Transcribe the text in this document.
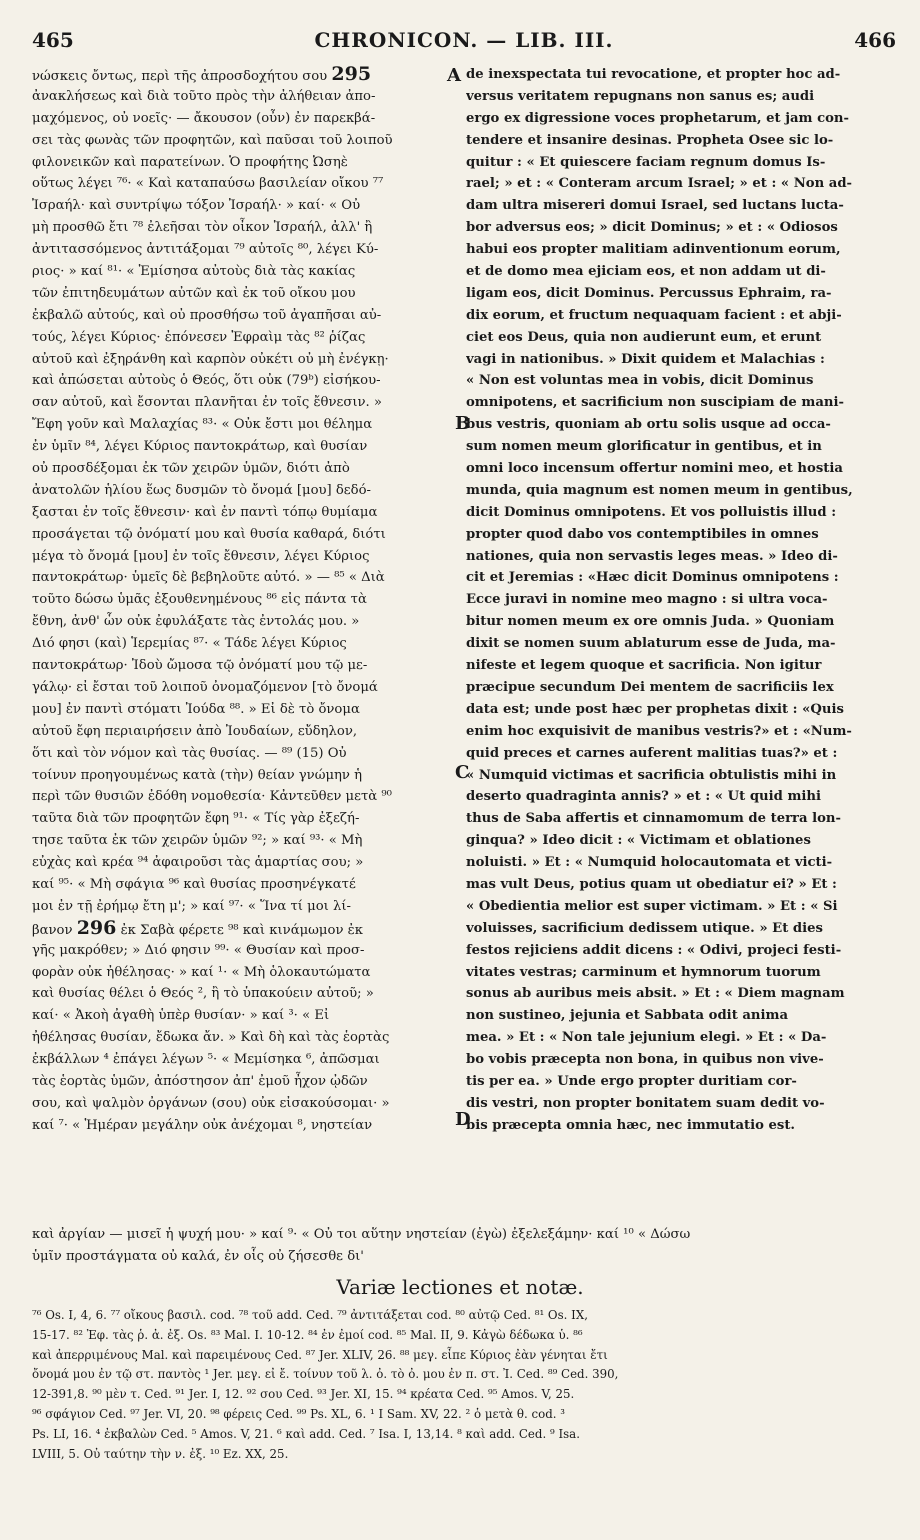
465	CHRONICON. — LIB. III.	466
νώσκεις ὄντως, περὶ τῆς ἀπροσδοχήτου σου 295
ἀνακλήσεως καὶ διὰ τοῦτο πρὸς τὴν ἀλήθειαν ἀπο-
μαχόμενος, οὐ νοεῖς· — ἄκουσον (οὖν) ἐν παρεκβά-
σει τὰς φωνὰς τῶν προφητῶν, καὶ παῦσαι τοῦ λοιποῦ
φιλονεικῶν καὶ παρατείνων. Ὁ προφήτης Ὠσηὲ
οὕτως λέγει ⁷⁶· « Καὶ καταπαύσω βασιλείαν οἴκου ⁷⁷
Ἰσραήλ· καὶ συντρίψω τόξον Ἰσραήλ· » καί· « Οὐ
μὴ προσθῶ ἔτι ⁷⁸ ἐλεῆσαι τὸν οἶκον Ἰσραήλ, ἀλλ' ἢ
ἀντιτασσόμενος ἀντιτάξομαι ⁷⁹ αὐτοῖς ⁸⁰, λέγει Κύ-
ριος· » καί ⁸¹· « Ἐμίσησα αὐτοὺς διὰ τὰς κακίας
τῶν ἐπιτηδευμάτων αὐτῶν καὶ ἐκ τοῦ οἴκου μου
ἐκβαλῶ αὐτούς, καὶ οὐ προσθήσω τοῦ ἀγαπῆσαι αὐ-
τούς, λέγει Κύριος· ἐπόνεσεν Ἐφραὶμ τὰς ⁸² ῥίζας
αὐτοῦ καὶ ἐξηράνθη καὶ καρπὸν οὐκέτι οὐ μὴ ἐνέγκῃ·
καὶ ἀπώσεται αὐτοὺς ὁ Θεός, ὅτι οὐκ (79ᵇ) εἰσήκου-
σαν αὐτοῦ, καὶ ἔσονται πλανῆται ἐν τοῖς ἔθνεσιν. »
Ἔφη γοῦν καὶ Μαλαχίας ⁸³· « Οὐκ ἔστι μοι θέλημα
ἐν ὑμῖν ⁸⁴, λέγει Κύριος παντοκράτωρ, καὶ θυσίαν
οὐ προσδέξομαι ἐκ τῶν χειρῶν ὑμῶν, διότι ἀπὸ
ἀνατολῶν ἡλίου ἕως δυσμῶν τὸ ὄνομά [μου] δεδό-
ξασται ἐν τοῖς ἔθνεσιν· καὶ ἐν παντὶ τόπῳ θυμίαμα
προσάγεται τῷ ὀνόματί μου καὶ θυσία καθαρά, διότι
μέγα τὸ ὄνομά [μου] ἐν τοῖς ἔθνεσιν, λέγει Κύριος
παντοκράτωρ· ὑμεῖς δὲ βεβηλοῦτε αὐτό. » — ⁸⁵ « Διὰ
τοῦτο δώσω ὑμᾶς ἐξουθενημένους ⁸⁶ εἰς πάντα τὰ
ἔθνη, ἀνθ' ὧν οὐκ ἐφυλάξατε τὰς ἐντολάς μου. »
Διό φησι (καὶ) Ἱερεμίας ⁸⁷· « Τάδε λέγει Κύριος
παντοκράτωρ· Ἰδοὺ ὤμοσα τῷ ὀνόματί μου τῷ με-
γάλῳ· εἰ ἔσται τοῦ λοιποῦ ὀνομαζόμενον [τὸ ὄνομά
μου] ἐν παντὶ στόματι Ἰούδα ⁸⁸. » Εἰ δὲ τὸ ὄνομα
αὐτοῦ ἔφη περιαιρήσειν ἀπὸ Ἰουδαίων, εὔδηλον,
ὅτι καὶ τὸν νόμον καὶ τὰς θυσίας. — ⁸⁹ (15) Οὐ
τοίνυν προηγουμένως κατὰ (τὴν) θείαν γνώμην ἡ
περὶ τῶν θυσιῶν ἐδόθη νομοθεσία· Κἀντεῦθεν μετὰ ⁹⁰
ταῦτα διὰ τῶν προφητῶν ἔφη ⁹¹· « Τίς γὰρ ἐξεζή-
τησε ταῦτα ἐκ τῶν χειρῶν ὑμῶν ⁹²; » καί ⁹³· « Μὴ
εὐχὰς καὶ κρέα ⁹⁴ ἀφαιροῦσι τὰς ἁμαρτίας σου; »
καί ⁹⁵· « Μὴ σφάγια ⁹⁶ καὶ θυσίας προσηνέγκατέ
μοι ἐν τῇ ἐρήμῳ ἔτη μ'; » καί ⁹⁷· « Ἵνα τί μοι λί-
βανον 296 ἐκ Σαβὰ φέρετε ⁹⁸ καὶ κινάμωμον ἐκ
γῆς μακρόθεν; » Διό φησιν ⁹⁹· « Θυσίαν καὶ προσ-
φορὰν οὐκ ἠθέλησας· » καί ¹· « Μὴ ὁλοκαυτώματα
καὶ θυσίας θέλει ὁ Θεός ², ἢ τὸ ὑπακούειν αὐτοῦ; »
καί· « Ἀκοὴ ἀγαθὴ ὑπὲρ θυσίαν· » καί ³· « Εἰ
ἠθέλησας θυσίαν, ἔδωκα ἄν. » Καὶ δὴ καὶ τὰς ἑορτὰς
ἐκβάλλων ⁴ ἐπάγει λέγων ⁵· « Μεμίσηκα ⁶, ἀπῶσμαι
τὰς ἑορτὰς ὑμῶν, ἀπόστησον ἀπ' ἐμοῦ ἦχον ᾠδῶν
σου, καὶ ψαλμὸν ὀργάνων (σου) οὐκ εἰσακούσομαι· »
καί ⁷· « Ἡμέραν μεγάλην οὐκ ἀνέχομαι ⁸, νηστείαν
de inexspectata tui revocatione, et propter hoc ad-
versus veritatem repugnans non sanus es; audi
ergo ex digressione voces prophetarum, et jam con-
tendere et insanire desinas. Propheta Osee sic lo-
quitur : « Et quiescere faciam regnum domus Is-
rael; » et : « Conteram arcum Israel; » et : « Non ad-
dam ultra misereri domui Israel, sed luctans lucta-
bor adversus eos; » dicit Dominus; » et : « Odiosos
habui eos propter malitiam adinventionum eorum,
et de domo mea ejiciam eos, et non addam ut di-
ligam eos, dicit Dominus. Percussus Ephraim, ra-
dix eorum, et fructum nequaquam facient : et abji-
ciet eos Deus, quia non audierunt eum, et erunt
vagi in nationibus. » Dixit quidem et Malachias :
« Non est voluntas mea in vobis, dicit Dominus
omnipotens, et sacrificium non suscipiam de mani-
bus vestris, quoniam ab ortu solis usque ad occa-
sum nomen meum glorificatur in gentibus, et in
omni loco incensum offertur nomini meo, et hostia
munda, quia magnum est nomen meum in gentibus,
dicit Dominus omnipotens. Et vos polluistis illud :
propter quod dabo vos contemptibiles in omnes
nationes, quia non servastis leges meas. » Ideo di-
cit et Jeremias : «Hæc dicit Dominus omnipotens :
Ecce juravi in nomine meo magno : si ultra voca-
bitur nomen meum ex ore omnis Juda. » Quoniam
dixit se nomen suum ablaturum esse de Juda, ma-
nifeste et legem quoque et sacrificia. Non igitur
præcipue secundum Dei mentem de sacrificiis lex
data est; unde post hæc per prophetas dixit : «Quis
enim hoc exquisivit de manibus vestris?» et : «Num-
quid preces et carnes auferent malitias tuas?» et :
« Numquid victimas et sacrificia obtulistis mihi in
deserto quadraginta annis? » et : « Ut quid mihi
thus de Saba affertis et cinnamomum de terra lon-
ginqua? » Ideo dicit : « Victimam et oblationes
noluisti. » Et : « Numquid holocautomata et victi-
mas vult Deus, potius quam ut obediatur ei? » Et :
« Obedientia melior est super victimam. » Et : « Si
voluisses, sacrificium dedissem utique. » Et dies
festos rejiciens addit dicens : « Odivi, projeci festi-
vitates vestras; carminum et hymnorum tuorum
sonus ab auribus meis absit. » Et : « Diem magnam
non sustineo, jejunia et Sabbata odit anima
mea. » Et : « Non tale jejunium elegi. » Et : « Da-
bo vobis præcepta non bona, in quibus non vive-
tis per ea. » Unde ergo propter duritiam cor-
dis vestri, non propter bonitatem suam dedit vo-
bis præcepta omnia hæc, nec immutatio est.
A
B
C
D
καὶ ἀργίαν — μισεῖ ἡ ψυχή μου· » καί ⁹· « Οὐ τοι αὕτην νηστείαν (ἐγὼ) ἐξελεξάμην· καί ¹⁰ « Δώσω
ὑμῖν προστάγματα οὐ καλά, ἐν οἷς οὐ ζήσεσθε δι'
Variæ lectiones et notæ.
⁷⁶ Os. I, 4, 6. ⁷⁷ οἴκους βασιλ. cod. ⁷⁸ τοῦ add. Ced. ⁷⁹ ἀντιτάξεται cod. ⁸⁰ αὐτῷ Ced. ⁸¹ Os. IX,
15-17. ⁸² Ἐφ. τὰς ῥ. ἀ. ἐξ. Os. ⁸³ Mal. I. 10-12. ⁸⁴ ἐν ἐμοί cod. ⁸⁵ Mal. II, 9. Κἀγὼ δέδωκα ὑ. ⁸⁶
καὶ ἀπερριμένους Mal. καὶ παρειμένους Ced. ⁸⁷ Jer. XLIV, 26. ⁸⁸ μεγ. εἶπε Κύριος ἐὰν γένηται ἔτι
ὄνομά μου ἐν τῷ στ. παντὸς ¹ Jer. μεγ. εἰ ἔ. τοίνυν τοῦ λ. ὀ. τὸ ὀ. μου ἐν π. στ. Ἰ. Ced. ⁸⁹ Ced. 390,
12-391,8. ⁹⁰ μὲν τ. Ced. ⁹¹ Jer. I, 12. ⁹² σου Ced. ⁹³ Jer. XI, 15. ⁹⁴ κρέατα Ced. ⁹⁵ Amos. V, 25.
⁹⁶ σφάγιον Ced. ⁹⁷ Jer. VI, 20. ⁹⁸ φέρεις Ced. ⁹⁹ Ps. XL, 6. ¹ I Sam. XV, 22. ² ὁ μετὰ θ. cod. ³
Ps. LI, 16. ⁴ ἐκβαλὼν Ced. ⁵ Amos. V, 21. ⁶ καὶ add. Ced. ⁷ Isa. I, 13,14. ⁸ καὶ add. Ced. ⁹ Isa.
LVIII, 5. Οὐ ταύτην τὴν ν. ἐξ. ¹⁰ Ez. XX, 25.
